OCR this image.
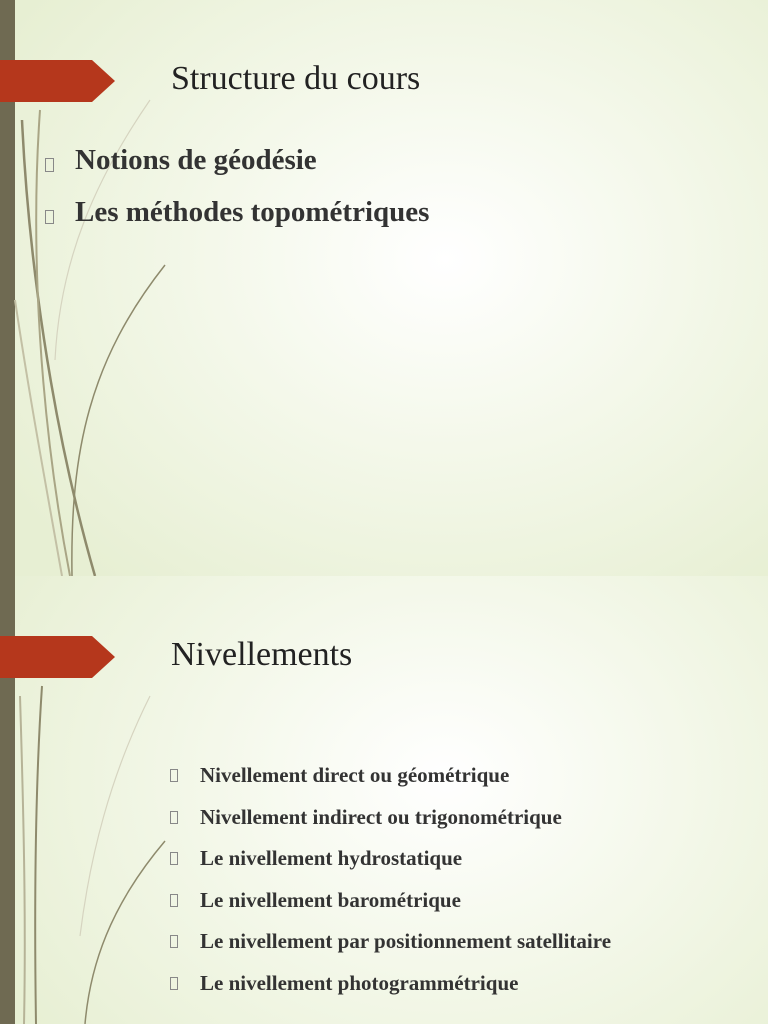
Structure du cours
Notions de géodésie
Les méthodes topométriques
Nivellements
Nivellement direct ou géométrique
Nivellement indirect ou trigonométrique
Le nivellement hydrostatique
Le nivellement barométrique
Le nivellement par positionnement satellitaire
Le nivellement photogrammétrique
